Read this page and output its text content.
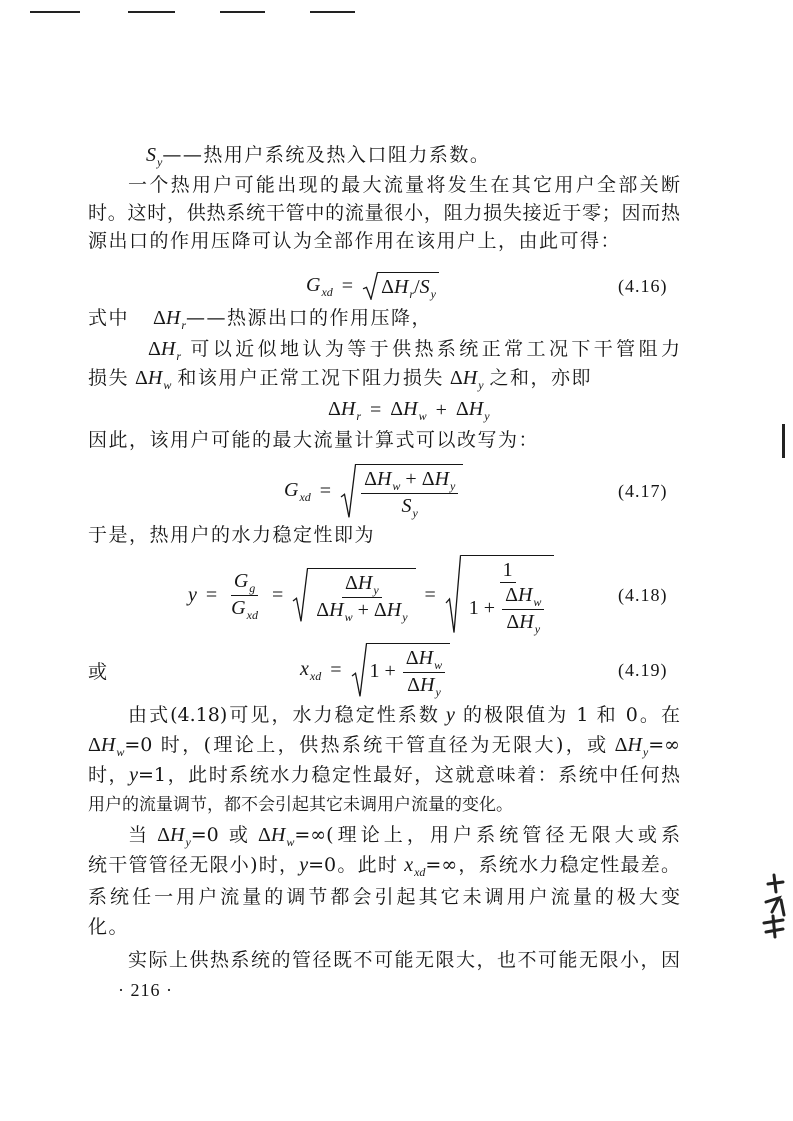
$S_y——$热用户系统及热入口阻力系数。
一个热用户可能出现的最大流量将发生在其它用户全部关断
时。这时，供热系统干管中的流量很小，阻力损失接近于零；因而热
源出口的作用压降可认为全部作用在该用户上，由此可得：
$G_{xd}$ =	$\Delta H_r/S_y$	(4.16)
式中 $\Delta H_r——$热源出口的作用压降，
$\Delta H_r$ 可以近似地认为等于供热系统正常工况下干管阻力
损失 $\Delta H_w$ 和该用户正常工况下阻力损失 $\Delta H_y$ 之和，亦即
$\Delta H_r = \Delta H_w + \Delta H_y$
因此，该用户可能的最大流量计算式可以改写为：
$G_{xd} = \frac{\Delta H_w + \Delta H_y}{S_y}$	(4.17)
于是，热用户的水力稳定性即为
$y = \frac{G_g}{G_{xd}} = \frac{\Delta H_y}{\Delta H_w + \Delta H_y} = \frac{1}{1 + \frac{\Delta H_w}{\Delta H_y}}$	(4.18)
或	$x_{xd}$ =	$1 + \frac{\Delta H_w}{\Delta H_y}$	(4.19)
由式(4.18)可见，水力稳定性系数 y 的极限值为 1 和 0。在
$\Delta H_w=0$ 时，(理论上，供热系统干管直径为无限大)，或 $\Delta H_y=\infty$
时，y=1，此时系统水力稳定性最好，这就意味着：系统中任何热
用户的流量调节，都不会引起其它未调用户流量的变化。
当 $\Delta H_y=0$ 或 $\Delta H_w=\infty$(理论上，用户系统管径无限大或系
统干管管径无限小)时，y=0。此时 $x_{xd}=\infty$，系统水力稳定性最差。
系统任一用户流量的调节都会引起其它未调用户流量的极大变
化。
实际上供热系统的管径既不可能无限大，也不可能无限小，因
· 216 ·
